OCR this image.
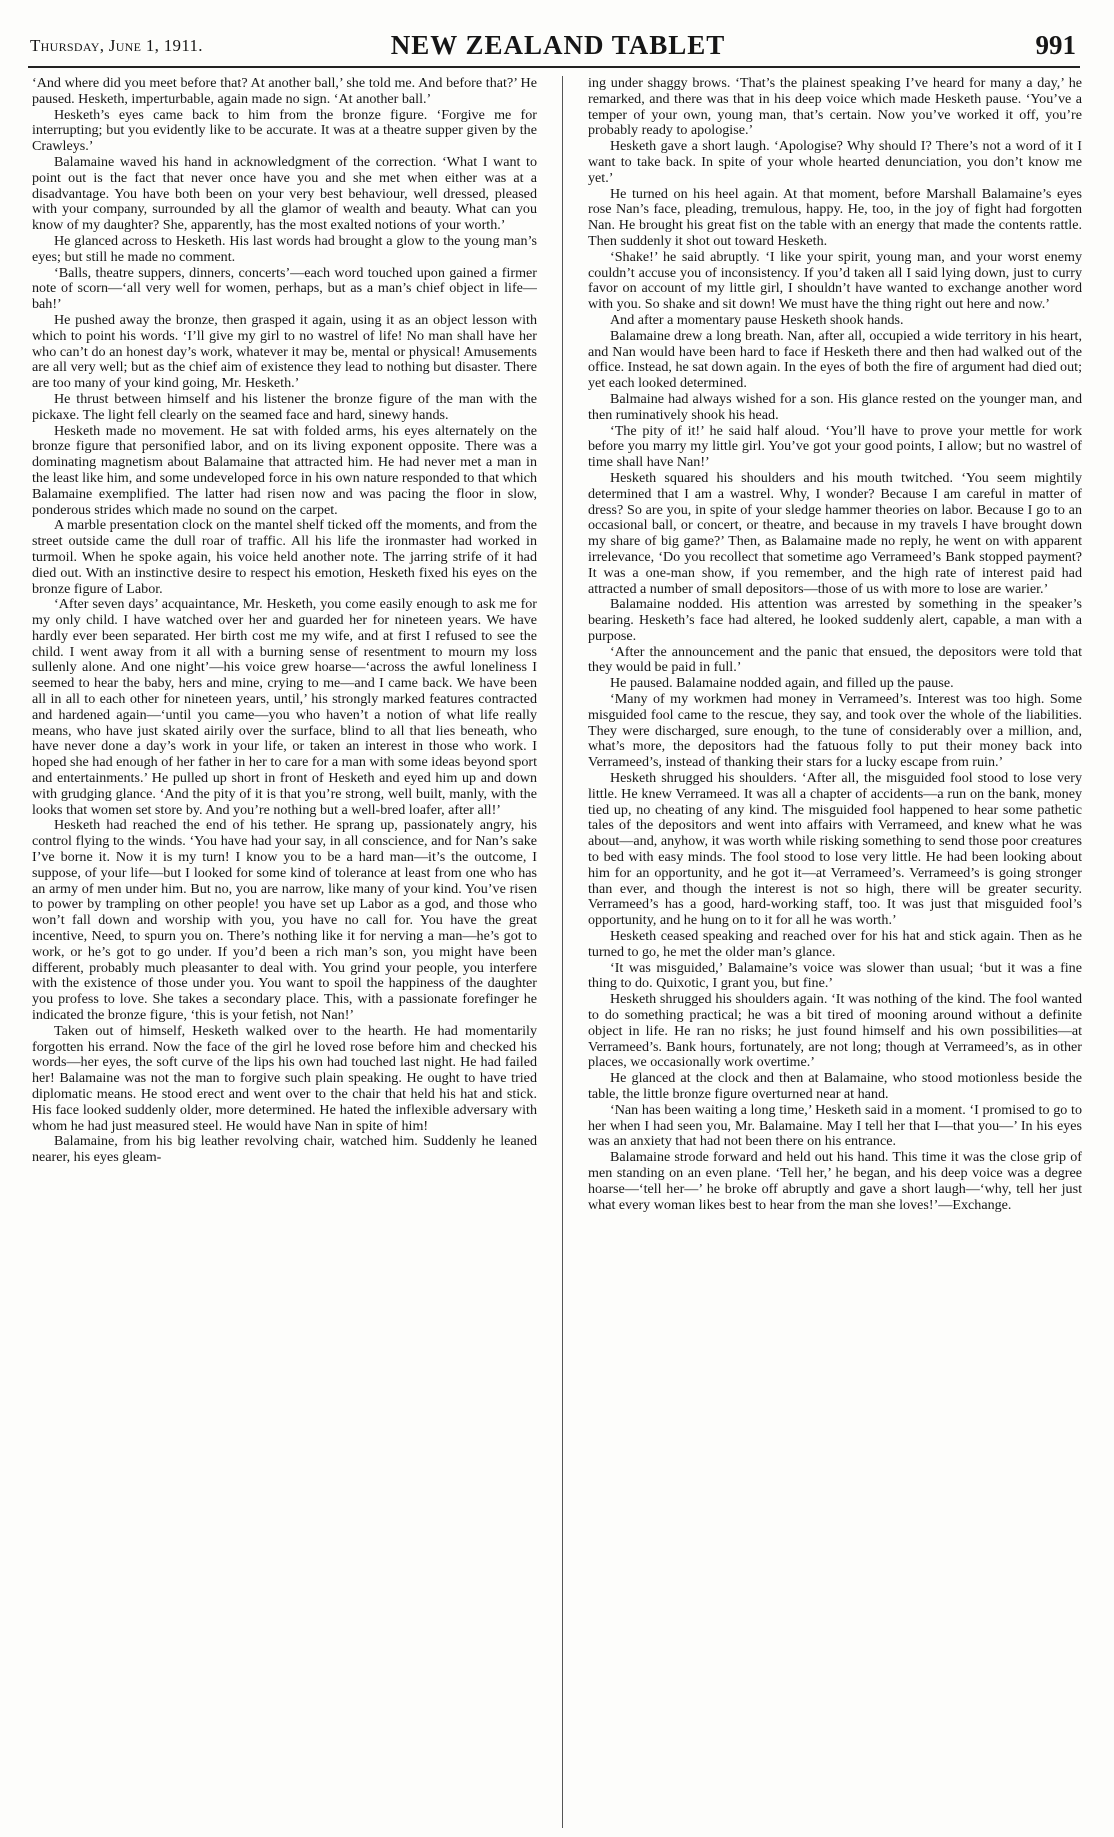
Thursday, June 1, 1911.	NEW ZEALAND TABLET	991

‘And where did you meet before that? At another ball,’ she told me. And before that?’ He paused. Hesketh, imperturbable, again made no sign. ‘At another ball.’

Hesketh’s eyes came back to him from the bronze figure. ‘Forgive me for interrupting; but you evidently like to be accurate. It was at a theatre supper given by the Crawleys.’

Balamaine waved his hand in acknowledgment of the correction. ‘What I want to point out is the fact that never once have you and she met when either was at a disadvantage. You have both been on your very best behaviour, well dressed, pleased with your company, surrounded by all the glamor of wealth and beauty. What can you know of my daughter? She, apparently, has the most exalted notions of your worth.’

He glanced across to Hesketh. His last words had brought a glow to the young man’s eyes; but still he made no comment.

‘Balls, theatre suppers, dinners, concerts’—each word touched upon gained a firmer note of scorn—‘all very well for women, perhaps, but as a man’s chief object in life—bah!’

He pushed away the bronze, then grasped it again, using it as an object lesson with which to point his words. ‘I’ll give my girl to no wastrel of life! No man shall have her who can’t do an honest day’s work, whatever it may be, mental or physical! Amusements are all very well; but as the chief aim of existence they lead to nothing but disaster. There are too many of your kind going, Mr. Hesketh.’

He thrust between himself and his listener the bronze figure of the man with the pickaxe. The light fell clearly on the seamed face and hard, sinewy hands.

Hesketh made no movement. He sat with folded arms, his eyes alternately on the bronze figure that personified labor, and on its living exponent opposite. There was a dominating magnetism about Balamaine that attracted him. He had never met a man in the least like him, and some undeveloped force in his own nature responded to that which Balamaine exemplified. The latter had risen now and was pacing the floor in slow, ponderous strides which made no sound on the carpet.

A marble presentation clock on the mantel shelf ticked off the moments, and from the street outside came the dull roar of traffic. All his life the ironmaster had worked in turmoil. When he spoke again, his voice held another note. The jarring strife of it had died out. With an instinctive desire to respect his emotion, Hesketh fixed his eyes on the bronze figure of Labor.

‘After seven days’ acquaintance, Mr. Hesketh, you come easily enough to ask me for my only child. I have watched over her and guarded her for nineteen years. We have hardly ever been separated. Her birth cost me my wife, and at first I refused to see the child. I went away from it all with a burning sense of resentment to mourn my loss sullenly alone. And one night’—his voice grew hoarse—‘across the awful loneliness I seemed to hear the baby, hers and mine, crying to me—and I came back. We have been all in all to each other for nineteen years, until,’ his strongly marked features contracted and hardened again—‘until you came—you who haven’t a notion of what life really means, who have just skated airily over the surface, blind to all that lies beneath, who have never done a day’s work in your life, or taken an interest in those who work. I hoped she had enough of her father in her to care for a man with some ideas beyond sport and entertainments.’ He pulled up short in front of Hesketh and eyed him up and down with grudging glance. ‘And the pity of it is that you’re strong, well built, manly, with the looks that women set store by. And you’re nothing but a well-bred loafer, after all!’

Hesketh had reached the end of his tether. He sprang up, passionately angry, his control flying to the winds. ‘You have had your say, in all conscience, and for Nan’s sake I’ve borne it. Now it is my turn! I know you to be a hard man—it’s the outcome, I suppose, of your life—but I looked for some kind of tolerance at least from one who has an army of men under him. But no, you are narrow, like many of your kind. You’ve risen to power by trampling on other people! you have set up Labor as a god, and those who won’t fall down and worship with you, you have no call for. You have the great incentive, Need, to spurn you on. There’s nothing like it for nerving a man—he’s got to work, or he’s got to go under. If you’d been a rich man’s son, you might have been different, probably much pleasanter to deal with. You grind your people, you interfere with the existence of those under you. You want to spoil the happiness of the daughter you profess to love. She takes a secondary place. This, with a passionate forefinger he indicated the bronze figure, ‘this is your fetish, not Nan!’

Taken out of himself, Hesketh walked over to the hearth. He had momentarily forgotten his errand. Now the face of the girl he loved rose before him and checked his words—her eyes, the soft curve of the lips his own had touched last night. He had failed her! Balamaine was not the man to forgive such plain speaking. He ought to have tried diplomatic means. He stood erect and went over to the chair that held his hat and stick. His face looked suddenly older, more determined. He hated the inflexible adversary with whom he had just measured steel. He would have Nan in spite of him!

Balamaine, from his big leather revolving chair, watched him. Suddenly he leaned nearer, his eyes gleam-

ing under shaggy brows. ‘That’s the plainest speaking I’ve heard for many a day,’ he remarked, and there was that in his deep voice which made Hesketh pause. ‘You’ve a temper of your own, young man, that’s certain. Now you’ve worked it off, you’re probably ready to apologise.’

Hesketh gave a short laugh. ‘Apologise? Why should I? There’s not a word of it I want to take back. In spite of your whole hearted denunciation, you don’t know me yet.’

He turned on his heel again. At that moment, before Marshall Balamaine’s eyes rose Nan’s face, pleading, tremulous, happy. He, too, in the joy of fight had forgotten Nan. He brought his great fist on the table with an energy that made the contents rattle. Then suddenly it shot out toward Hesketh.

‘Shake!’ he said abruptly. ‘I like your spirit, young man, and your worst enemy couldn’t accuse you of inconsistency. If you’d taken all I said lying down, just to curry favor on account of my little girl, I shouldn’t have wanted to exchange another word with you. So shake and sit down! We must have the thing right out here and now.’

And after a momentary pause Hesketh shook hands.

Balamaine drew a long breath. Nan, after all, occupied a wide territory in his heart, and Nan would have been hard to face if Hesketh there and then had walked out of the office. Instead, he sat down again. In the eyes of both the fire of argument had died out; yet each looked determined.

Balmaine had always wished for a son. His glance rested on the younger man, and then ruminatively shook his head.

‘The pity of it!’ he said half aloud. ‘You’ll have to prove your mettle for work before you marry my little girl. You’ve got your good points, I allow; but no wastrel of time shall have Nan!’

Hesketh squared his shoulders and his mouth twitched. ‘You seem mightily determined that I am a wastrel. Why, I wonder? Because I am careful in matter of dress? So are you, in spite of your sledge hammer theories on labor. Because I go to an occasional ball, or concert, or theatre, and because in my travels I have brought down my share of big game?’ Then, as Balamaine made no reply, he went on with apparent irrelevance, ‘Do you recollect that sometime ago Verrameed’s Bank stopped payment? It was a one-man show, if you remember, and the high rate of interest paid had attracted a number of small depositors—those of us with more to lose are warier.’

Balamaine nodded. His attention was arrested by something in the speaker’s bearing. Hesketh’s face had altered, he looked suddenly alert, capable, a man with a purpose.

‘After the announcement and the panic that ensued, the depositors were told that they would be paid in full.’

He paused. Balamaine nodded again, and filled up the pause.

‘Many of my workmen had money in Verrameed’s. Interest was too high. Some misguided fool came to the rescue, they say, and took over the whole of the liabilities. They were discharged, sure enough, to the tune of considerably over a million, and, what’s more, the depositors had the fatuous folly to put their money back into Verrameed’s, instead of thanking their stars for a lucky escape from ruin.’

Hesketh shrugged his shoulders. ‘After all, the misguided fool stood to lose very little. He knew Verrameed. It was all a chapter of accidents—a run on the bank, money tied up, no cheating of any kind. The misguided fool happened to hear some pathetic tales of the depositors and went into affairs with Verrameed, and knew what he was about—and, anyhow, it was worth while risking something to send those poor creatures to bed with easy minds. The fool stood to lose very little. He had been looking about him for an opportunity, and he got it—at Verrameed’s. Verrameed’s is going stronger than ever, and though the interest is not so high, there will be greater security. Verrameed’s has a good, hard-working staff, too. It was just that misguided fool’s opportunity, and he hung on to it for all he was worth.’

Hesketh ceased speaking and reached over for his hat and stick again. Then as he turned to go, he met the older man’s glance.

‘It was misguided,’ Balamaine’s voice was slower than usual; ‘but it was a fine thing to do. Quixotic, I grant you, but fine.’

Hesketh shrugged his shoulders again. ‘It was nothing of the kind. The fool wanted to do something practical; he was a bit tired of mooning around without a definite object in life. He ran no risks; he just found himself and his own possibilities—at Verrameed’s. Bank hours, fortunately, are not long; though at Verrameed’s, as in other places, we occasionally work overtime.’

He glanced at the clock and then at Balamaine, who stood motionless beside the table, the little bronze figure overturned near at hand.

‘Nan has been waiting a long time,’ Hesketh said in a moment. ‘I promised to go to her when I had seen you, Mr. Balamaine. May I tell her that I—that you—’ In his eyes was an anxiety that had not been there on his entrance.

Balamaine strode forward and held out his hand. This time it was the close grip of men standing on an even plane. ‘Tell her,’ he began, and his deep voice was a degree hoarse—‘tell her—’ he broke off abruptly and gave a short laugh—‘why, tell her just what every woman likes best to hear from the man she loves!’—Exchange.
